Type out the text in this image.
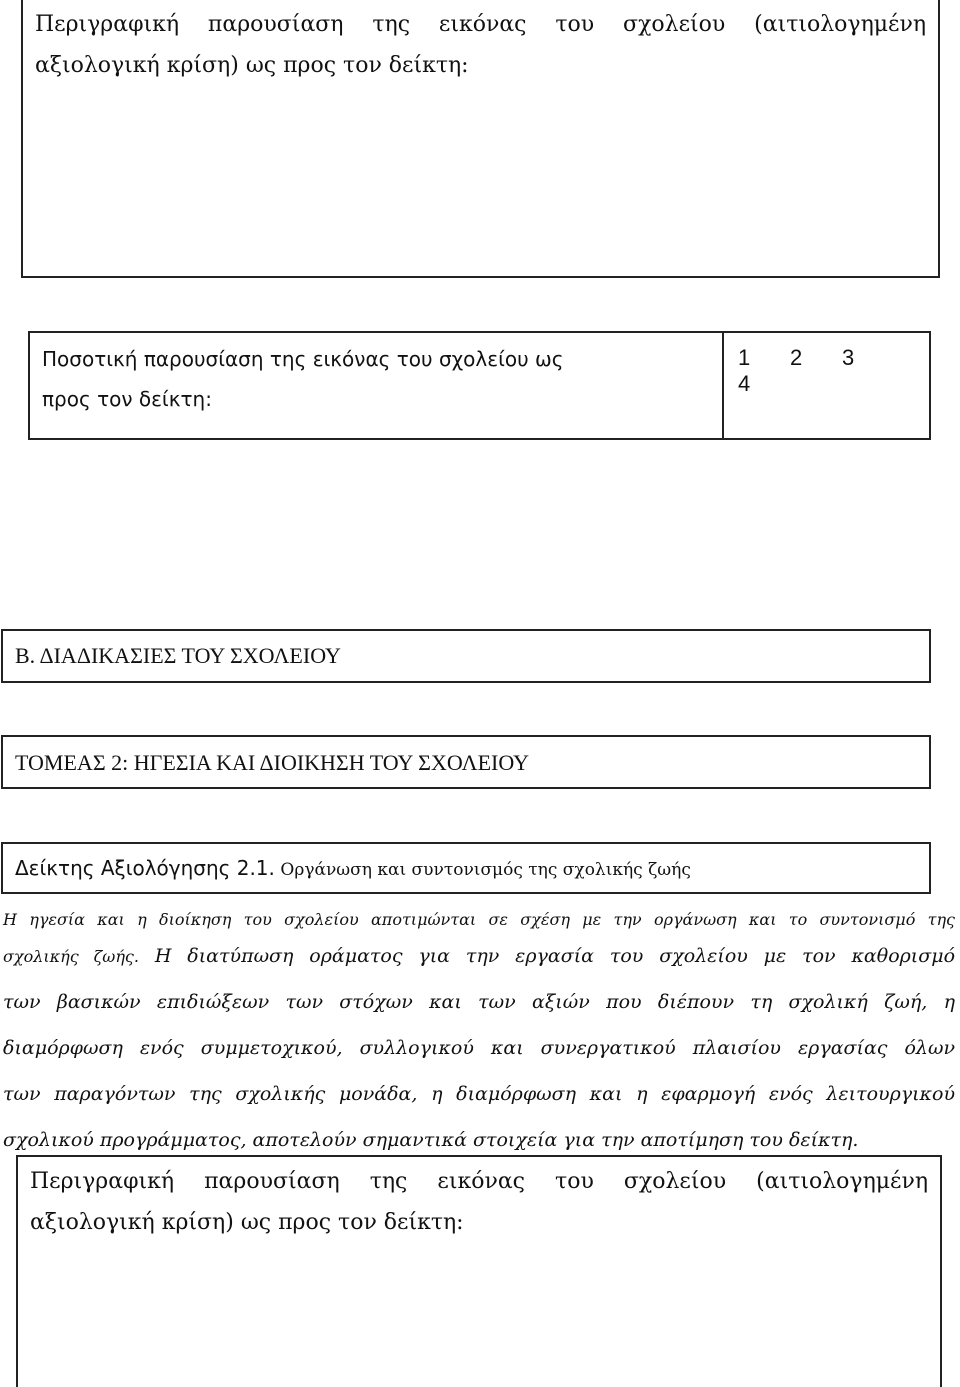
Περιγραφική παρουσίαση της εικόνας του σχολείου (αιτιολογημένη
αξιολογική κρίση) ως προς τον δείκτη:
Ποσοτική παρουσίαση της εικόνας του σχολείου ως
προς τον δείκτη:
1 2 34
Β. ΔΙΑΔΙΚΑΣΙΕΣ ΤΟΥ ΣΧΟΛΕΙΟΥ
ΤΟΜΕΑΣ 2: ΗΓΕΣΙΑ ΚΑΙ ΔΙΟΙΚΗΣΗ ΤΟΥ ΣΧΟΛΕΙΟΥ
Δείκτης Αξιολόγησης 2.1. Οργάνωση και συντονισμός της σχολικής ζωής
Η ηγεσία και η διοίκηση του σχολείου αποτιμώνται σε σχέση με την οργάνωση και το συντονισμό της
σχολικής ζωής. Η διατύπωση οράματος για την εργασία του σχολείου με τον καθορισμό
των βασικών επιδιώξεων των στόχων και των αξιών που διέπουν τη σχολική ζωή, η
διαμόρφωση ενός συμμετοχικού, συλλογικού και συνεργατικού πλαισίου εργασίας όλων
των παραγόντων της σχολικής μονάδα, η διαμόρφωση και η εφαρμογή ενός λειτουργικού
σχολικού προγράμματος, αποτελούν σημαντικά στοιχεία για την αποτίμηση του δείκτη.
Περιγραφική παρουσίαση της εικόνας του σχολείου (αιτιολογημένη
αξιολογική κρίση) ως προς τον δείκτη:
